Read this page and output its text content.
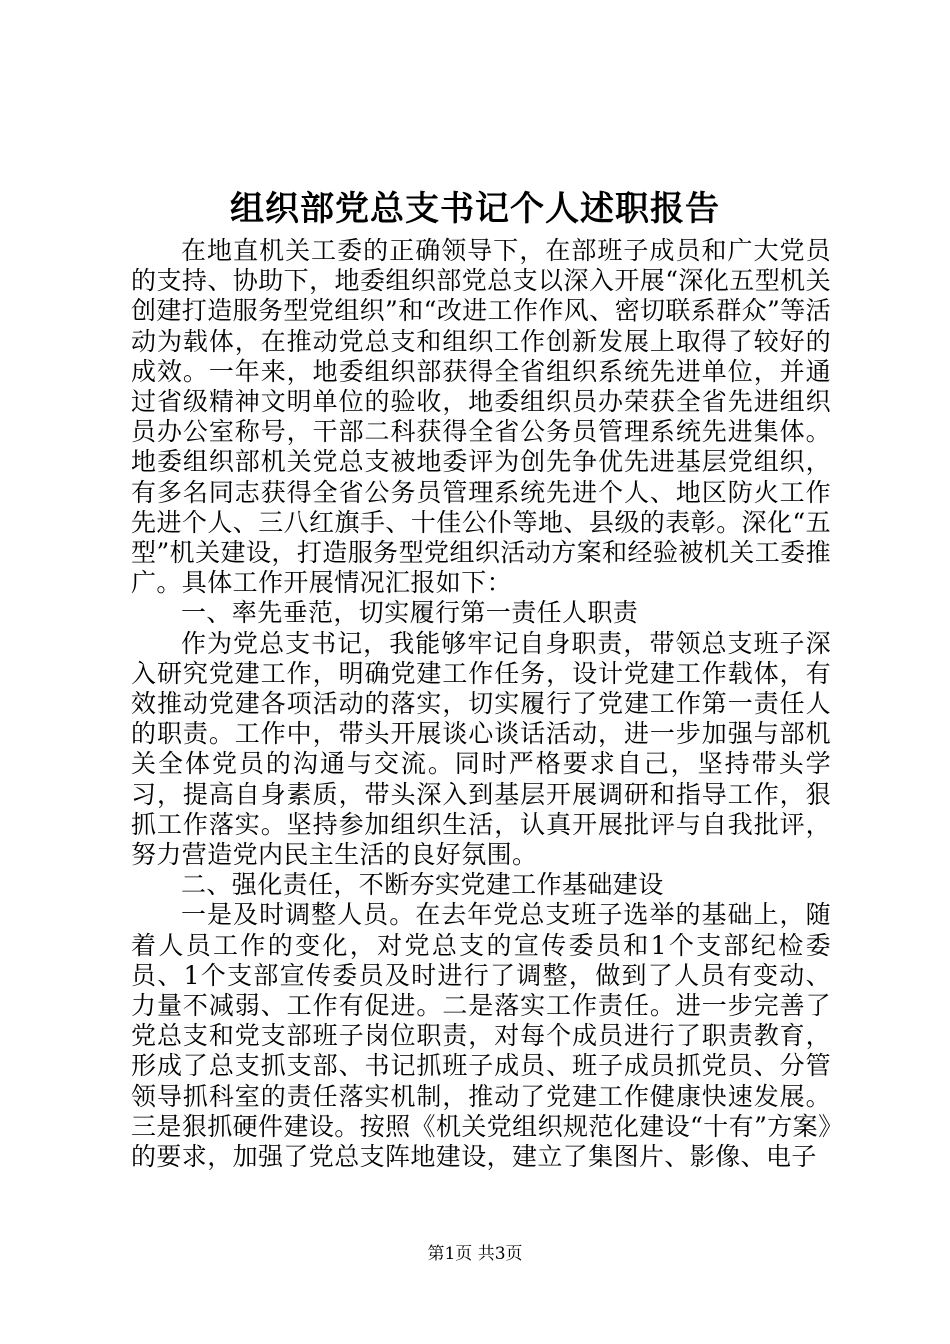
组织部党总支书记个人述职报告

在地直机关工委的正确领导下，在部班子成员和广大党员的支持、协助下，地委组织部党总支以深入开展“深化五型机关创建打造服务型党组织”和“改进工作作风、密切联系群众”等活动为载体，在推动党总支和组织工作创新发展上取得了较好的成效。一年来，地委组织部获得全省组织系统先进单位，并通过省级精神文明单位的验收，地委组织员办荣获全省先进组织员办公室称号，干部二科获得全省公务员管理系统先进集体。地委组织部机关党总支被地委评为创先争优先进基层党组织，有多名同志获得全省公务员管理系统先进个人、地区防火工作先进个人、三八红旗手、十佳公仆等地、县级的表彰。深化“五型”机关建设，打造服务型党组织活动方案和经验被机关工委推广。具体工作开展情况汇报如下：

一、率先垂范，切实履行第一责任人职责

作为党总支书记，我能够牢记自身职责，带领总支班子深入研究党建工作，明确党建工作任务，设计党建工作载体，有效推动党建各项活动的落实，切实履行了党建工作第一责任人的职责。工作中，带头开展谈心谈话活动，进一步加强与部机关全体党员的沟通与交流。同时严格要求自己，坚持带头学习，提高自身素质，带头深入到基层开展调研和指导工作，狠抓工作落实。坚持参加组织生活，认真开展批评与自我批评，努力营造党内民主生活的良好氛围。

二、强化责任，不断夯实党建工作基础建设

一是及时调整人员。在去年党总支班子选举的基础上，随着人员工作的变化，对党总支的宣传委员和1个支部纪检委员、1个支部宣传委员及时进行了调整，做到了人员有变动、力量不减弱、工作有促进。二是落实工作责任。进一步完善了党总支和党支部班子岗位职责，对每个成员进行了职责教育，形成了总支抓支部、书记抓班子成员、班子成员抓党员、分管领导抓科室的责任落实机制，推动了党建工作健康快速发展。三是狠抓硬件建设。按照《机关党组织规范化建设“十有”方案》的要求，加强了党总支阵地建设，建立了集图片、影像、电子

第1页 共3页
